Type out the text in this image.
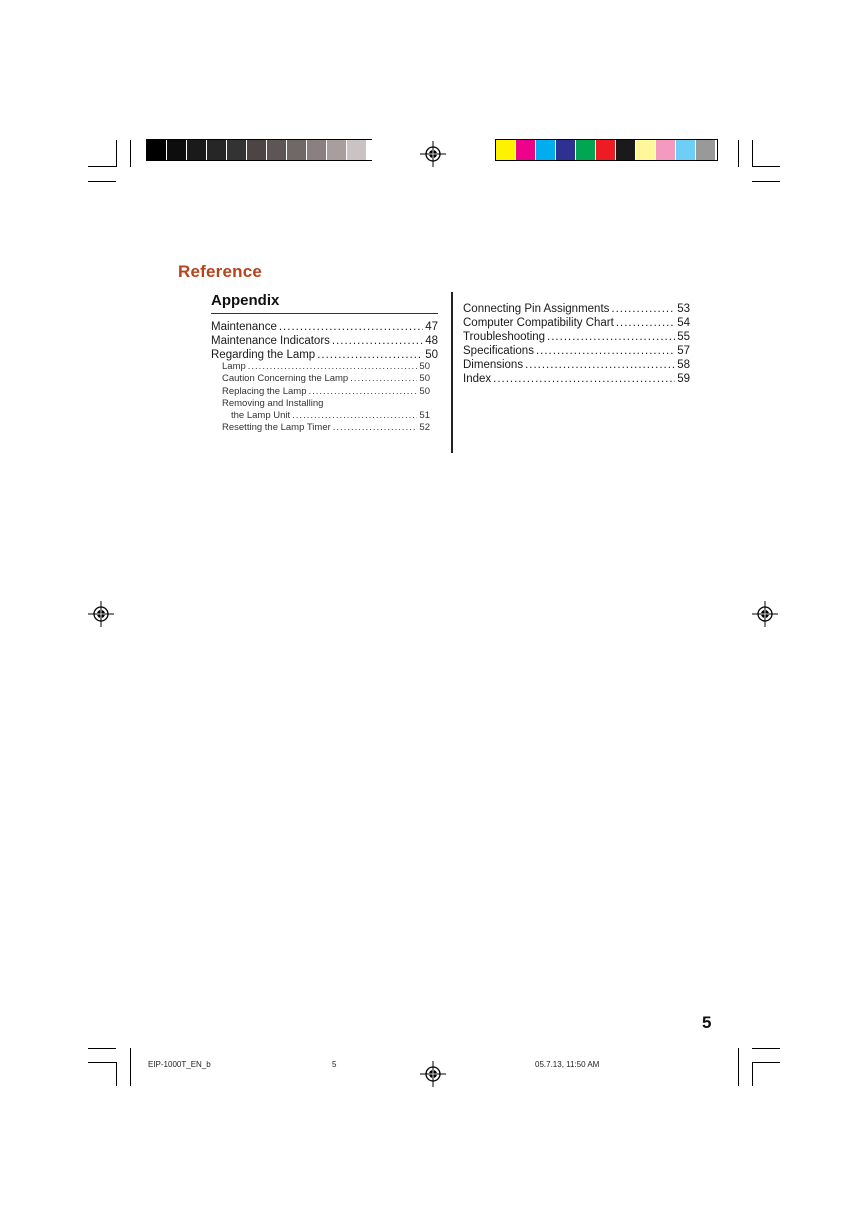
Reference
Appendix
Maintenance .....	47
Maintenance Indicators .....	48
Regarding the Lamp .....	50
Lamp .....	50
Caution Concerning the Lamp .....	50
Replacing the Lamp .....	50
Removing and Installing
the Lamp Unit .....	51
Resetting the Lamp Timer .....	52
Connecting Pin Assignments .....	53
Computer Compatibility Chart .....	54
Troubleshooting .....	55
Specifications .....	57
Dimensions .....	58
Index .....	59
5
EIP-1000T_EN_b	5	05.7.13, 11:50 AM
